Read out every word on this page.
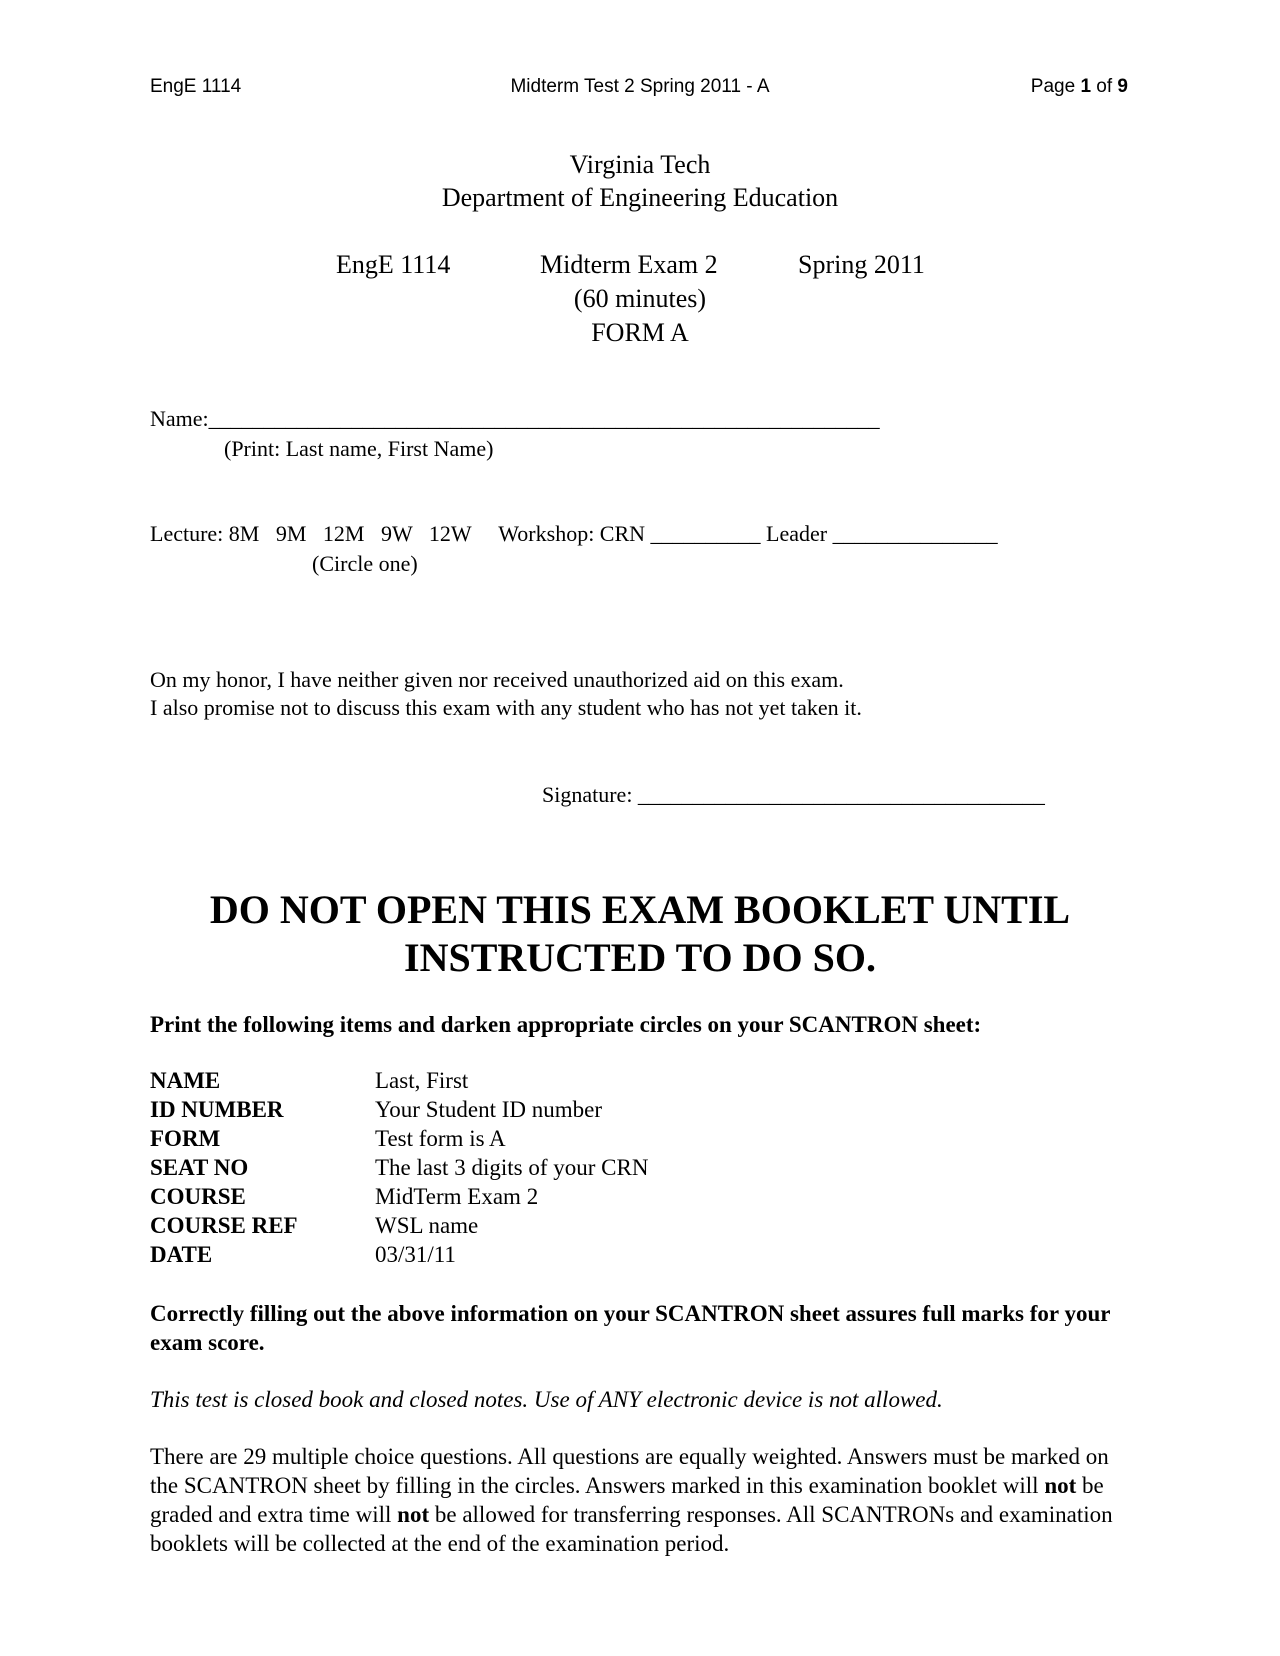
EngE 1114	Midterm Test 2 Spring 2011 - A	Page 1 of 9
Virginia Tech
Department of Engineering Education
EngE 1114	Midterm Exam 2	Spring 2011
(60 minutes)
FORM A
Name:_____________________________________________________________
(Print: Last name, First Name)
Lecture: 8M   9M   12M   9W   12W     Workshop: CRN __________ Leader _______________
(Circle one)
On my honor, I have neither given nor received unauthorized aid on this exam.
I also promise not to discuss this exam with any student who has not yet taken it.
Signature: _____________________________________
DO NOT OPEN THIS EXAM BOOKLET UNTIL
INSTRUCTED TO DO SO.
Print the following items and darken appropriate circles on your SCANTRON sheet:
NAME	Last, First
ID NUMBER	Your Student ID number
FORM	Test form is A
SEAT NO	The last 3 digits of your CRN
COURSE	MidTerm Exam 2
COURSE REF	WSL name
DATE	03/31/11
Correctly filling out the above information on your SCANTRON sheet assures full marks for your exam score.
This test is closed book and closed notes. Use of ANY electronic device is not allowed.
There are 29 multiple choice questions. All questions are equally weighted. Answers must be marked on the SCANTRON sheet by filling in the circles. Answers marked in this examination booklet will not be graded and extra time will not be allowed for transferring responses. All SCANTRONs and examination booklets will be collected at the end of the examination period.
